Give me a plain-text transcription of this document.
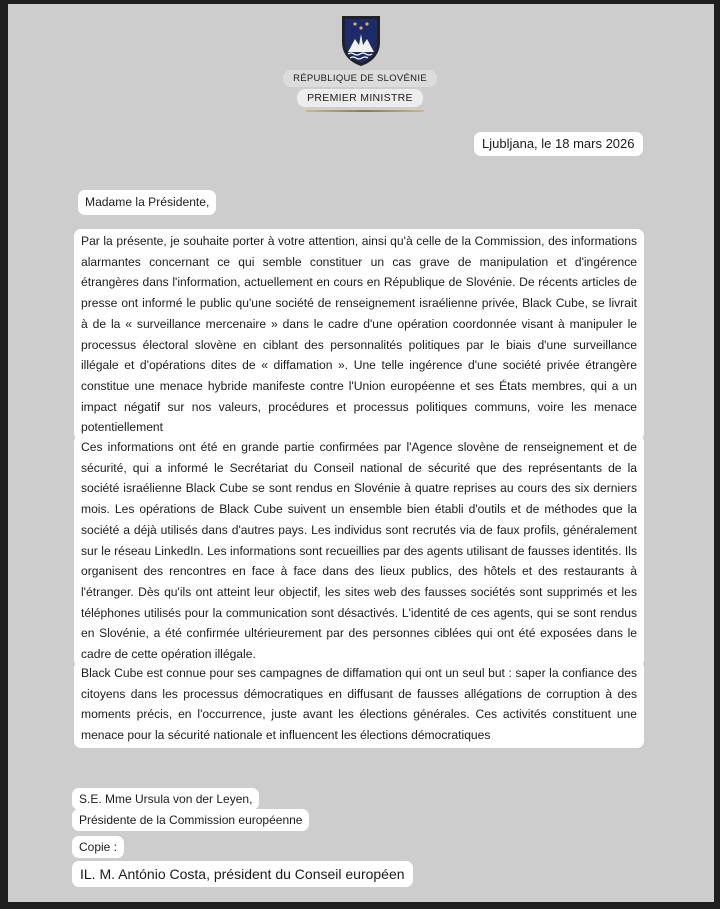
RÉPUBLIQUE DE SLOVÉNIE
PREMIER MINISTRE
Ljubljana, le 18 mars 2026
Madame la Présidente,
Par la présente, je souhaite porter à votre attention, ainsi qu'à celle de la Commission, des informations alarmantes concernant ce qui semble constituer un cas grave de manipulation et d'ingérence étrangères dans l'information, actuellement en cours en République de Slovénie. De récents articles de presse ont informé le public qu'une société de renseignement israélienne privée, Black Cube, se livrait à de la « surveillance mercenaire » dans le cadre d'une opération coordonnée visant à manipuler le processus électoral slovène en ciblant des personnalités politiques par le biais d'une surveillance illégale et d'opérations dites de « diffamation ». Une telle ingérence d'une société privée étrangère constitue une menace hybride manifeste contre l'Union européenne et ses États membres, qui a un impact négatif sur nos valeurs, procédures et processus politiques communs, voire les menace potentiellement
Ces informations ont été en grande partie confirmées par l'Agence slovène de renseignement et de sécurité, qui a informé le Secrétariat du Conseil national de sécurité que des représentants de la société israélienne Black Cube se sont rendus en Slovénie à quatre reprises au cours des six derniers mois. Les opérations de Black Cube suivent un ensemble bien établi d'outils et de méthodes que la société a déjà utilisés dans d'autres pays. Les individus sont recrutés via de faux profils, généralement sur le réseau LinkedIn. Les informations sont recueillies par des agents utilisant de fausses identités. Ils organisent des rencontres en face à face dans des lieux publics, des hôtels et des restaurants à l'étranger. Dès qu'ils ont atteint leur objectif, les sites web des fausses sociétés sont supprimés et les téléphones utilisés pour la communication sont désactivés. L'identité de ces agents, qui se sont rendus en Slovénie, a été confirmée ultérieurement par des personnes ciblées qui ont été exposées dans le cadre de cette opération illégale.
Black Cube est connue pour ses campagnes de diffamation qui ont un seul but : saper la confiance des citoyens dans les processus démocratiques en diffusant de fausses allégations de corruption à des moments précis, en l'occurrence, juste avant les élections générales. Ces activités constituent une menace pour la sécurité nationale et influencent les élections démocratiques
S.E. Mme Ursula von der Leyen,
Présidente de la Commission européenne
Copie :
IL. M. António Costa, président du Conseil européen
